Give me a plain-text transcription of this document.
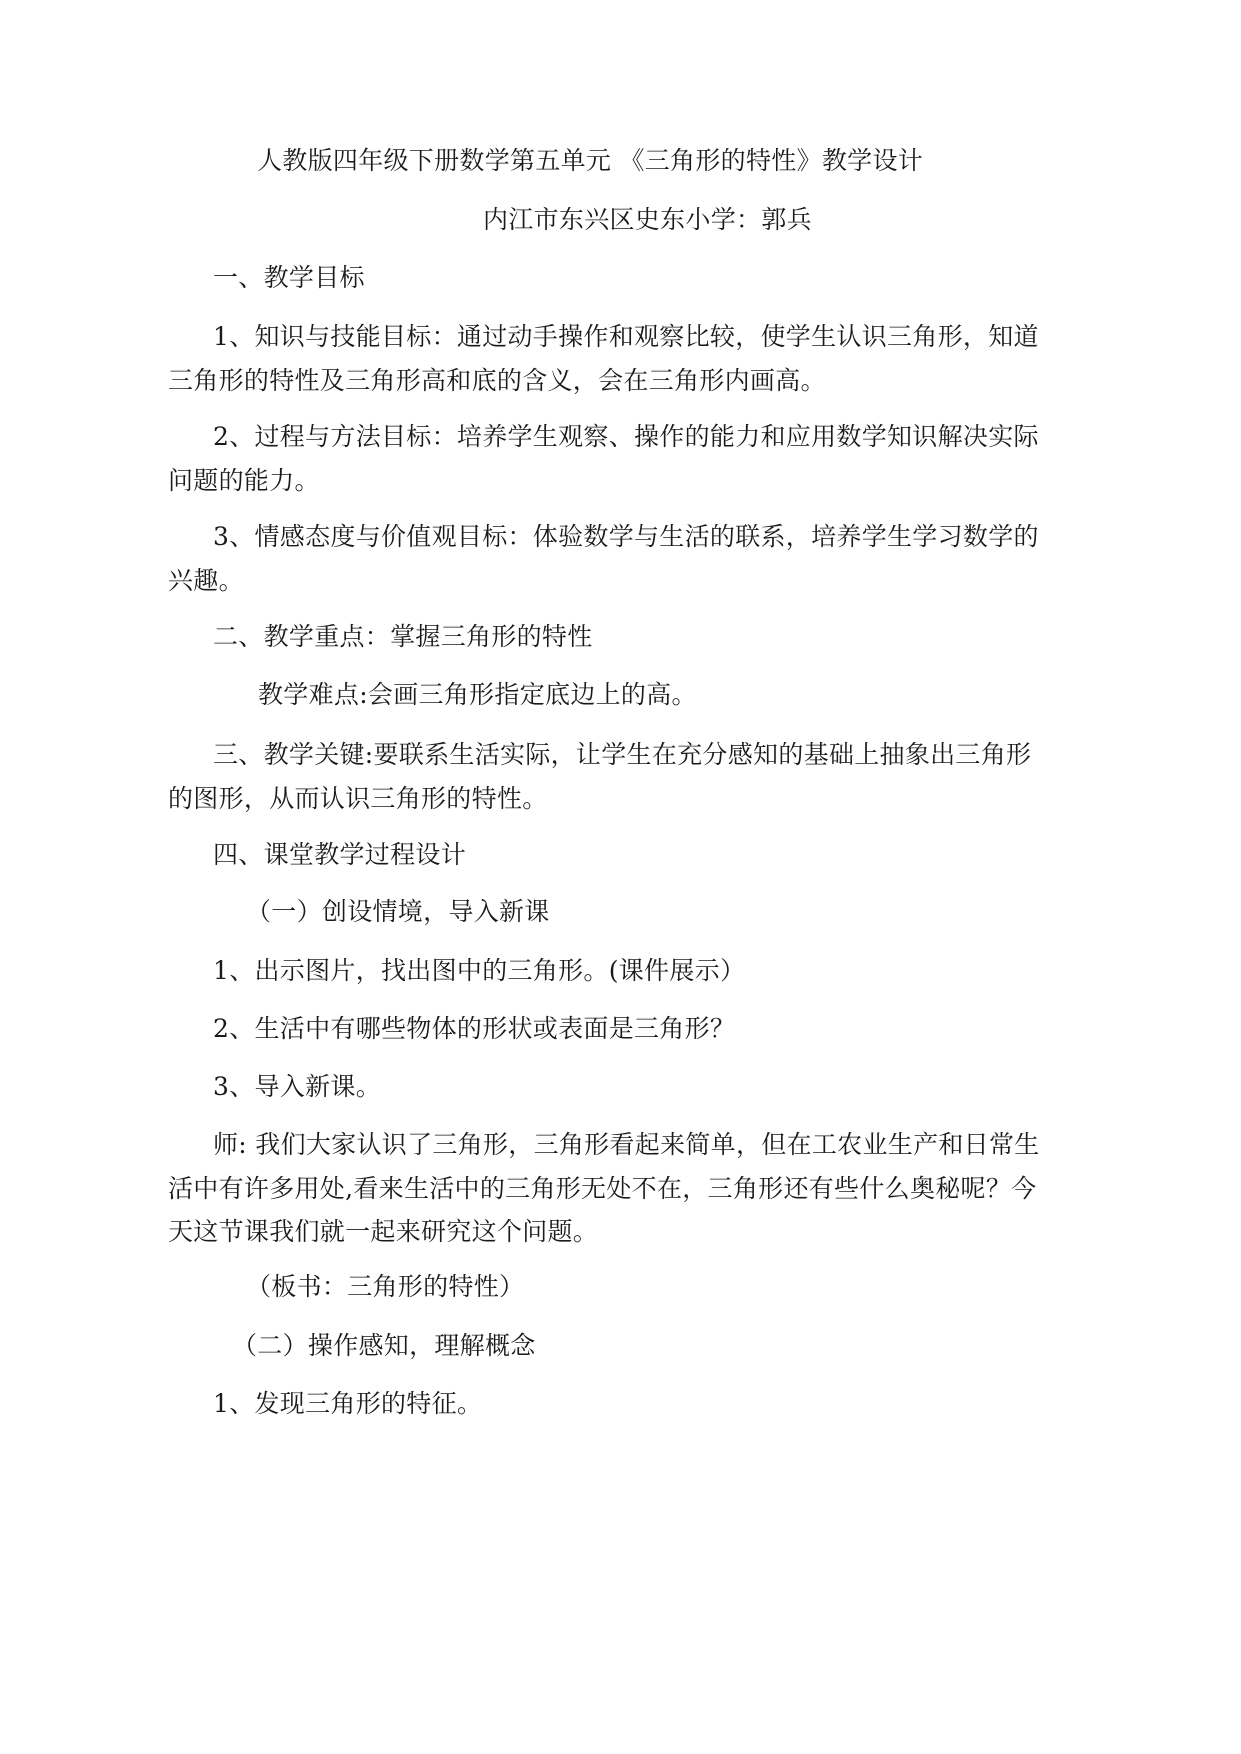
人教版四年级下册数学第五单元 《三角形的特性》教学设计
内江市东兴区史东小学：郭兵
一、教学目标
1、知识与技能目标：通过动手操作和观察比较，使学生认识三角形，知道
三角形的特性及三角形高和底的含义，会在三角形内画高。
2、过程与方法目标：培养学生观察、操作的能力和应用数学知识解决实际
问题的能力。
3、情感态度与价值观目标：体验数学与生活的联系，培养学生学习数学的
兴趣。
二、教学重点：掌握三角形的特性
教学难点:会画三角形指定底边上的高。
三、教学关键:要联系生活实际，让学生在充分感知的基础上抽象出三角形
的图形，从而认识三角形的特性。
四、课堂教学过程设计
（一）创设情境，导入新课
1、出示图片，找出图中的三角形。(课件展示）
2、生活中有哪些物体的形状或表面是三角形？
3、导入新课。
师: 我们大家认识了三角形，三角形看起来简单，但在工农业生产和日常生
活中有许多用处,看来生活中的三角形无处不在，三角形还有些什么奥秘呢？今
天这节课我们就一起来研究这个问题。
（板书：三角形的特性）
（二）操作感知，理解概念
1、发现三角形的特征。
